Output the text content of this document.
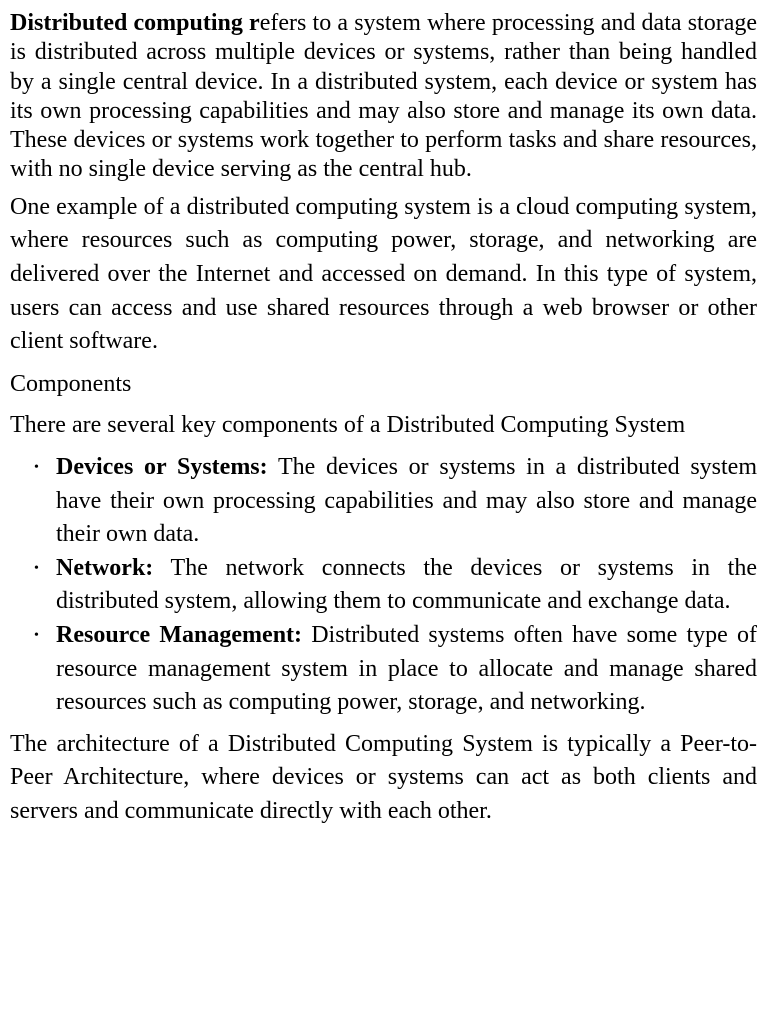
Distributed computing refers to a system where processing and data storage is distributed across multiple devices or systems, rather than being handled by a single central device. In a distributed system, each device or system has its own processing capabilities and may also store and manage its own data. These devices or systems work together to perform tasks and share resources, with no single device serving as the central hub.

One example of a distributed computing system is a cloud computing system, where resources such as computing power, storage, and networking are delivered over the Internet and accessed on demand. In this type of system, users can access and use shared resources through a web browser or other client software.

Components

There are several key components of a Distributed Computing System

• Devices or Systems: The devices or systems in a distributed system have their own processing capabilities and may also store and manage their own data.
• Network: The network connects the devices or systems in the distributed system, allowing them to communicate and exchange data.
• Resource Management: Distributed systems often have some type of resource management system in place to allocate and manage shared resources such as computing power, storage, and networking.

The architecture of a Distributed Computing System is typically a Peer-to-Peer Architecture, where devices or systems can act as both clients and servers and communicate directly with each other.
